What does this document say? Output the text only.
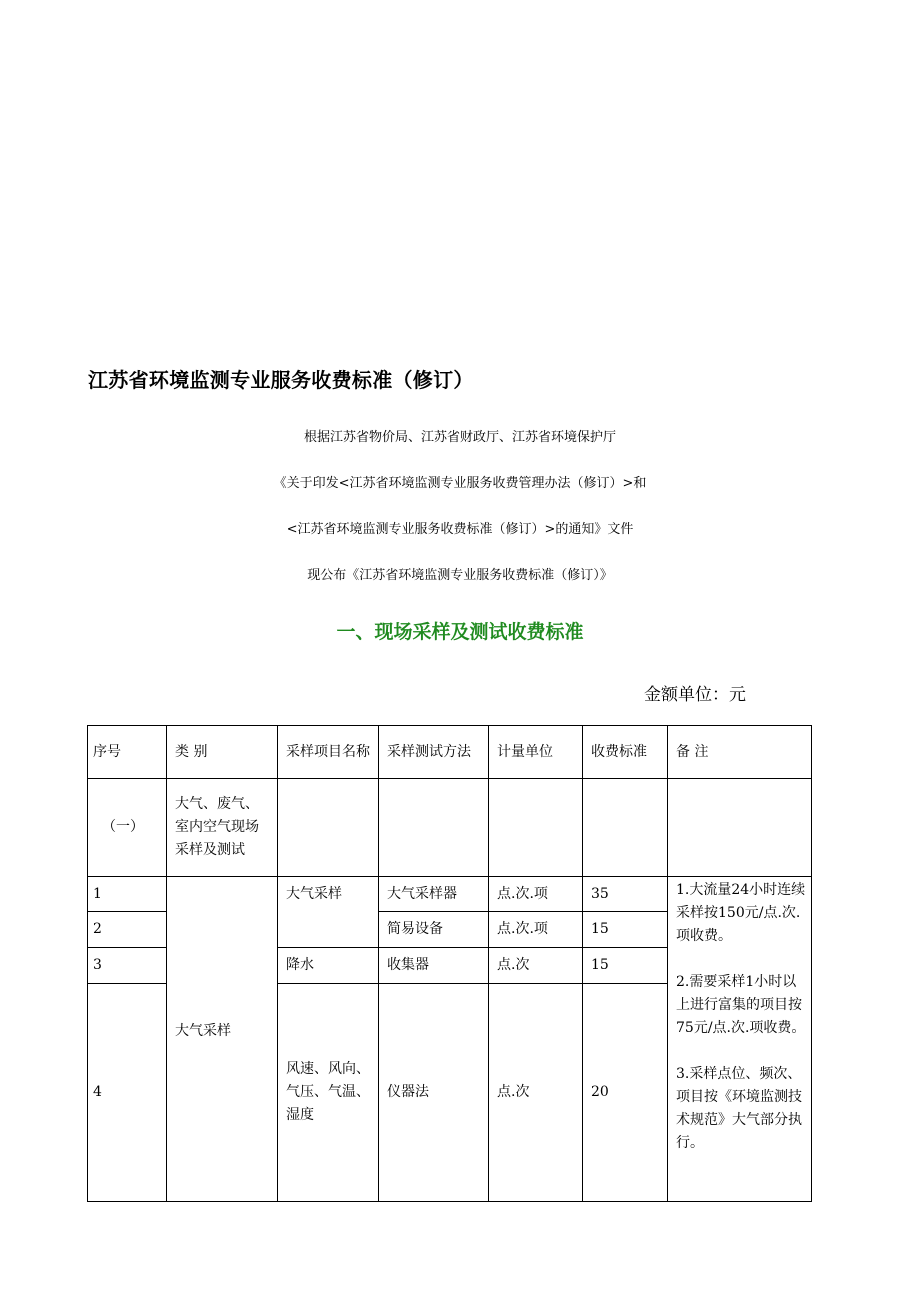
江苏省环境监测专业服务收费标准（修订）

根据江苏省物价局、江苏省财政厅、江苏省环境保护厅

《关于印发<江苏省环境监测专业服务收费管理办法（修订）>和

<江苏省环境监测专业服务收费标准（修订）>的通知》文件

现公布《江苏省环境监测专业服务收费标准（修订）》

一、现场采样及测试收费标准

金额单位：元

序号	类 别	采样项目名称	采样测试方法	计量单位	收费标准	备 注
（一）	大气、废气、室内空气现场采样及测试					
1	大气采样	大气采样	大气采样器	点.次.项	35	1.大流量24小时连续采样按150元/点.次.项收费。

2.需要采样1小时以上进行富集的项目按75元/点.次.项收费。

3.采样点位、频次、项目按《环境监测技术规范》大气部分执行。

2			简易设备	点.次.项	15	
3		降水	收集器	点.次	15	
4		风速、风向、气压、气温、湿度	仪器法	点.次	20	
